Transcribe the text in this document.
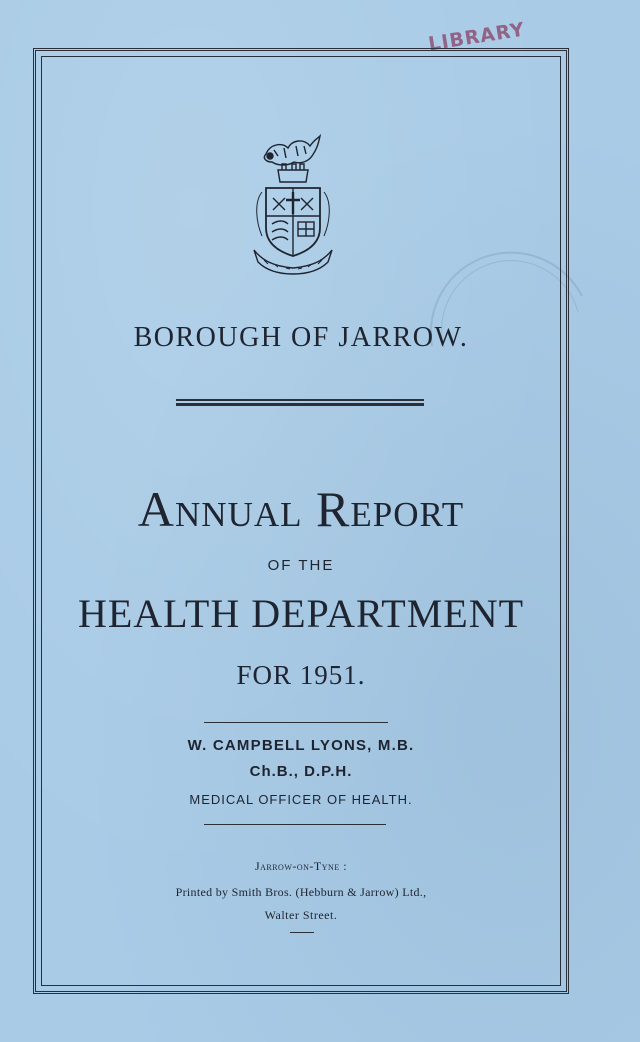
LIBRARY
BOROUGH OF JARROW.
Annual Report
OF THE
HEALTH DEPARTMENT
FOR 1951.
W. CAMPBELL LYONS, M.B.
Ch.B., D.P.H.
MEDICAL OFFICER OF HEALTH.
Jarrow-on-Tyne :
Printed by Smith Bros. (Hebburn & Jarrow) Ltd.,
Walter Street.
